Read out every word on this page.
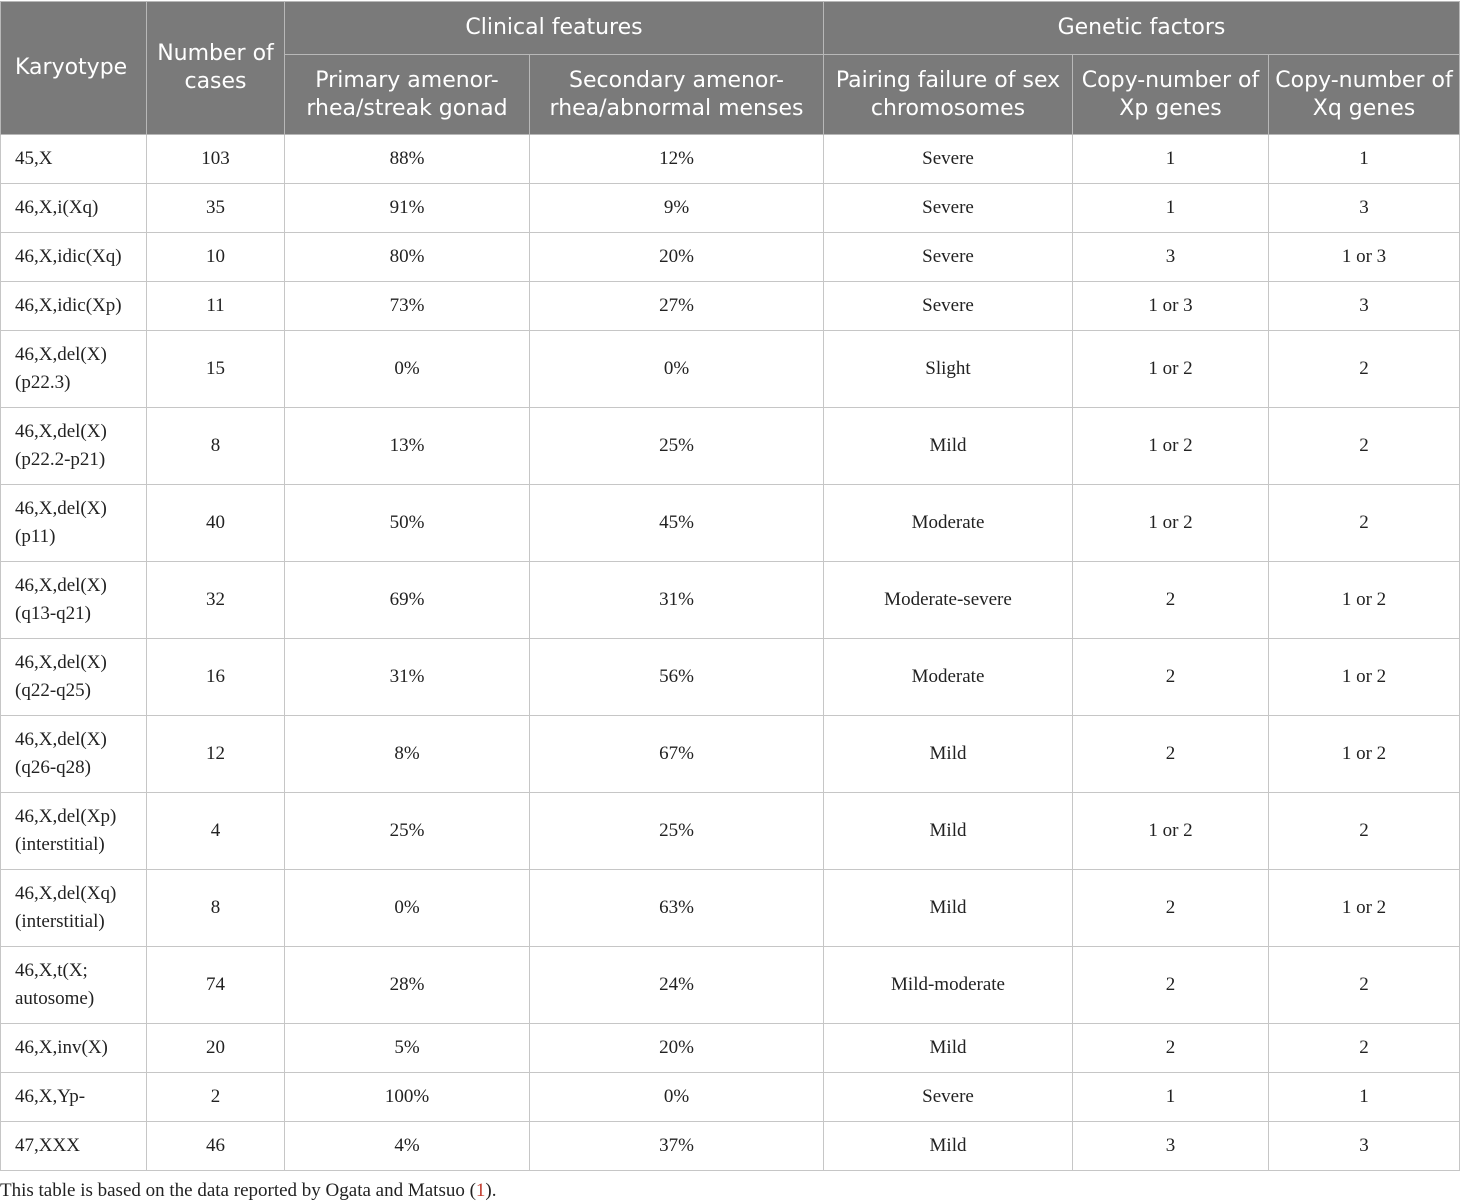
Karyotype	Number of cases	Clinical features		Genetic factors		
		Primary amenor-rhea/streak gonad	Secondary amenor-rhea/abnormal menses	Pairing failure of sex chromosomes	Copy-number of Xp genes	Copy-number of Xq genes
45,X	103	88%	12%	Severe	1	1
46,X,i(Xq)	35	91%	9%	Severe	1	3
46,X,idic(Xq)	10	80%	20%	Severe	3	1 or 3
46,X,idic(Xp)	11	73%	27%	Severe	1 or 3	3
46,X,del(X) (p22.3)	15	0%	0%	Slight	1 or 2	2
46,X,del(X) (p22.2-p21)	8	13%	25%	Mild	1 or 2	2
46,X,del(X) (p11)	40	50%	45%	Moderate	1 or 2	2
46,X,del(X) (q13-q21)	32	69%	31%	Moderate-severe	2	1 or 2
46,X,del(X) (q22-q25)	16	31%	56%	Moderate	2	1 or 2
46,X,del(X) (q26-q28)	12	8%	67%	Mild	2	1 or 2
46,X,del(Xp) (interstitial)	4	25%	25%	Mild	1 or 2	2
46,X,del(Xq) (interstitial)	8	0%	63%	Mild	2	1 or 2
46,X,t(X; autosome)	74	28%	24%	Mild-moderate	2	2
46,X,inv(X)	20	5%	20%	Mild	2	2
46,X,Yp-	2	100%	0%	Severe	1	1
47,XXX	46	4%	37%	Mild	3	3

This table is based on the data reported by Ogata and Matsuo (1).
